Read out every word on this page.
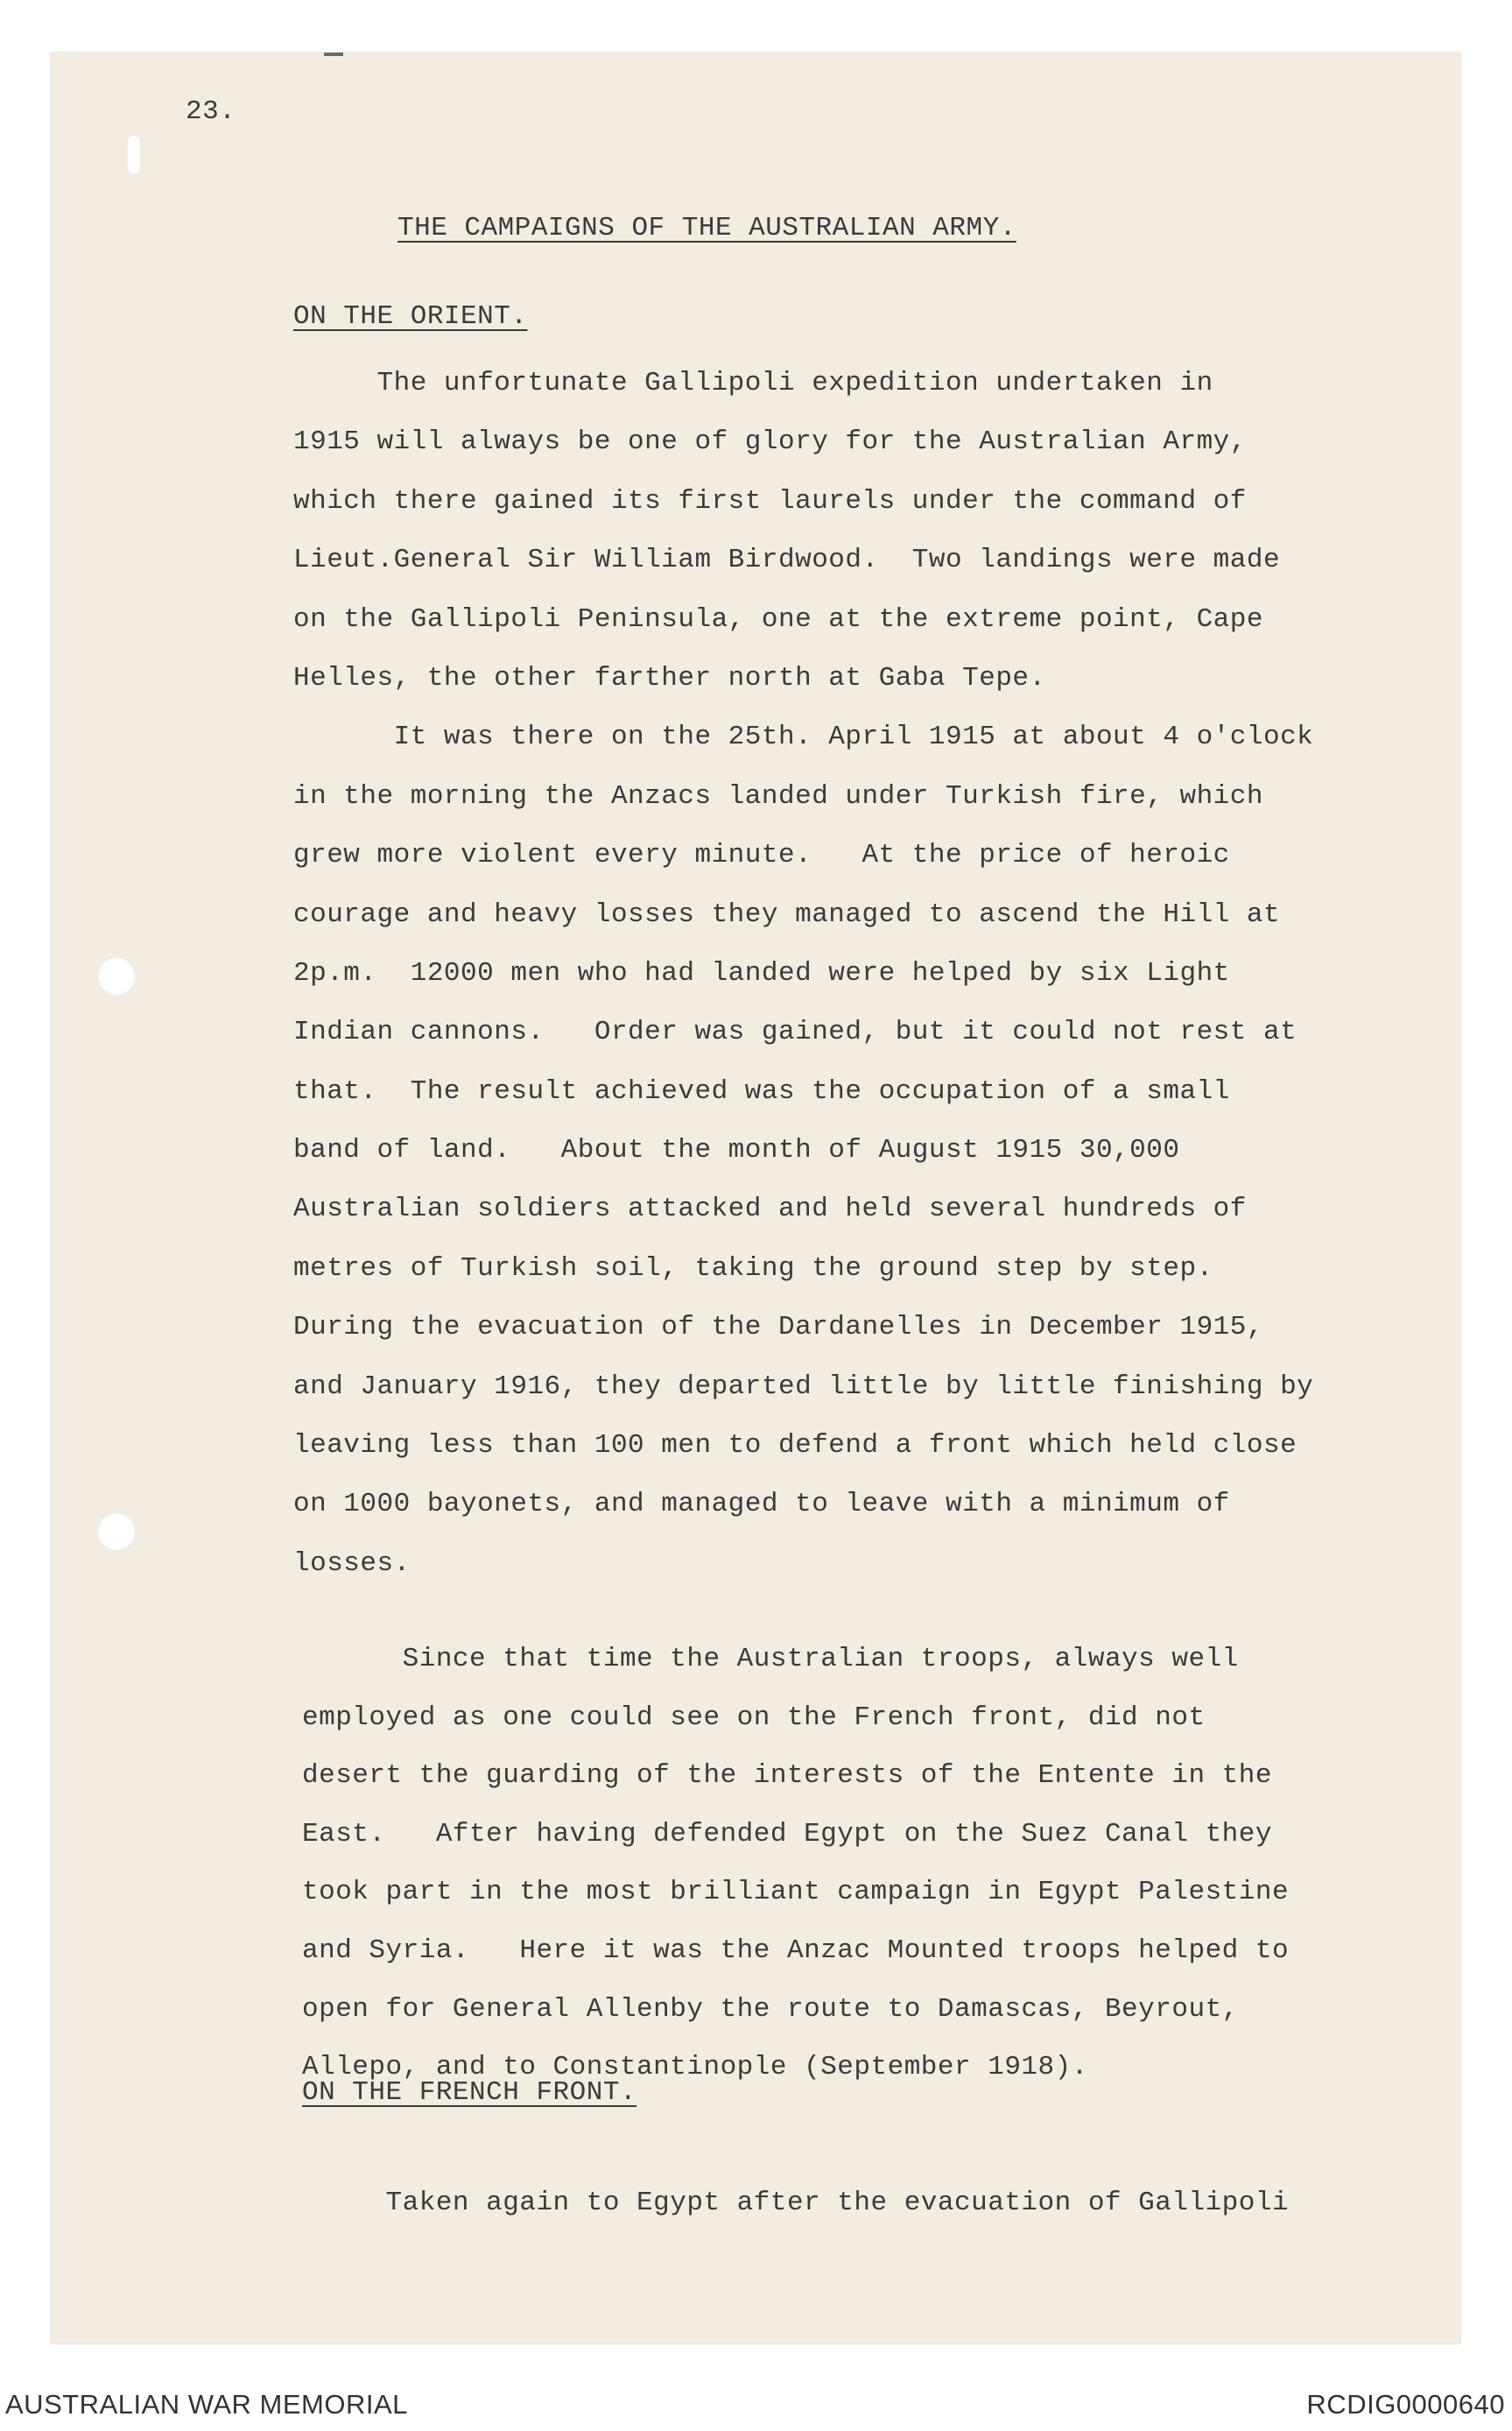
23.
THE CAMPAIGNS OF THE AUSTRALIAN ARMY.
ON THE ORIENT.
The unfortunate Gallipoli expedition undertaken in
1915 will always be one of glory for the Australian Army,
which there gained its first laurels under the command of
Lieut.General Sir William Birdwood.  Two landings were made
on the Gallipoli Peninsula, one at the extreme point, Cape
Helles, the other farther north at Gaba Tepe.
It was there on the 25th. April 1915 at about 4 o'clock
in the morning the Anzacs landed under Turkish fire, which
grew more violent every minute.   At the price of heroic
courage and heavy losses they managed to ascend the Hill at
2p.m.  12000 men who had landed were helped by six Light
Indian cannons.   Order was gained, but it could not rest at
that.  The result achieved was the occupation of a small
band of land.   About the month of August 1915 30,000
Australian soldiers attacked and held several hundreds of
metres of Turkish soil, taking the ground step by step.
During the evacuation of the Dardanelles in December 1915,
and January 1916, they departed little by little finishing by
leaving less than 100 men to defend a front which held close
on 1000 bayonets, and managed to leave with a minimum of
losses.
Since that time the Australian troops, always well
employed as one could see on the French front, did not
desert the guarding of the interests of the Entente in the
East.   After having defended Egypt on the Suez Canal they
took part in the most brilliant campaign in Egypt Palestine
and Syria.   Here it was the Anzac Mounted troops helped to
open for General Allenby the route to Damascas, Beyrout,
Allepo, and to Constantinople (September 1918).
ON THE FRENCH FRONT.
Taken again to Egypt after the evacuation of Gallipoli
AUSTRALIAN WAR MEMORIAL	RCDIG0000640
